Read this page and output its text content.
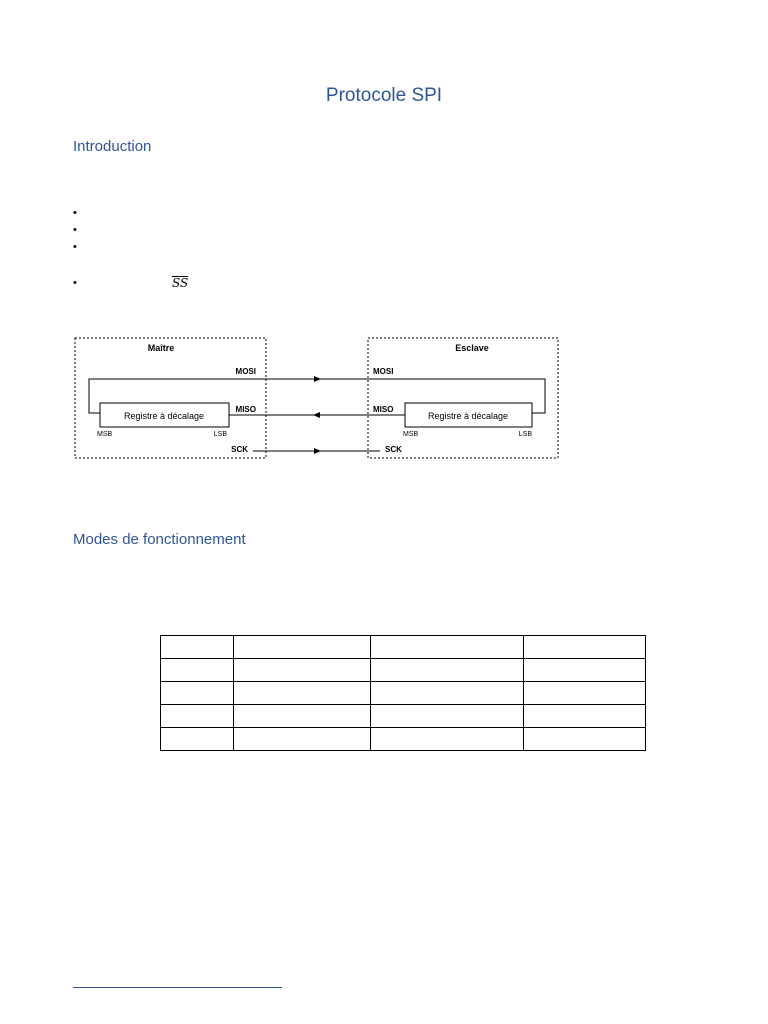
Protocole SPI
Introduction
•
•
•
•	SS
Maître	Esclave
MOSI	MOSI
MISO	MISO
SCK	SCK
Registre à décalage	Registre à décalage
MSB	LSB	MSB	LSB
Modes de fonctionnement
